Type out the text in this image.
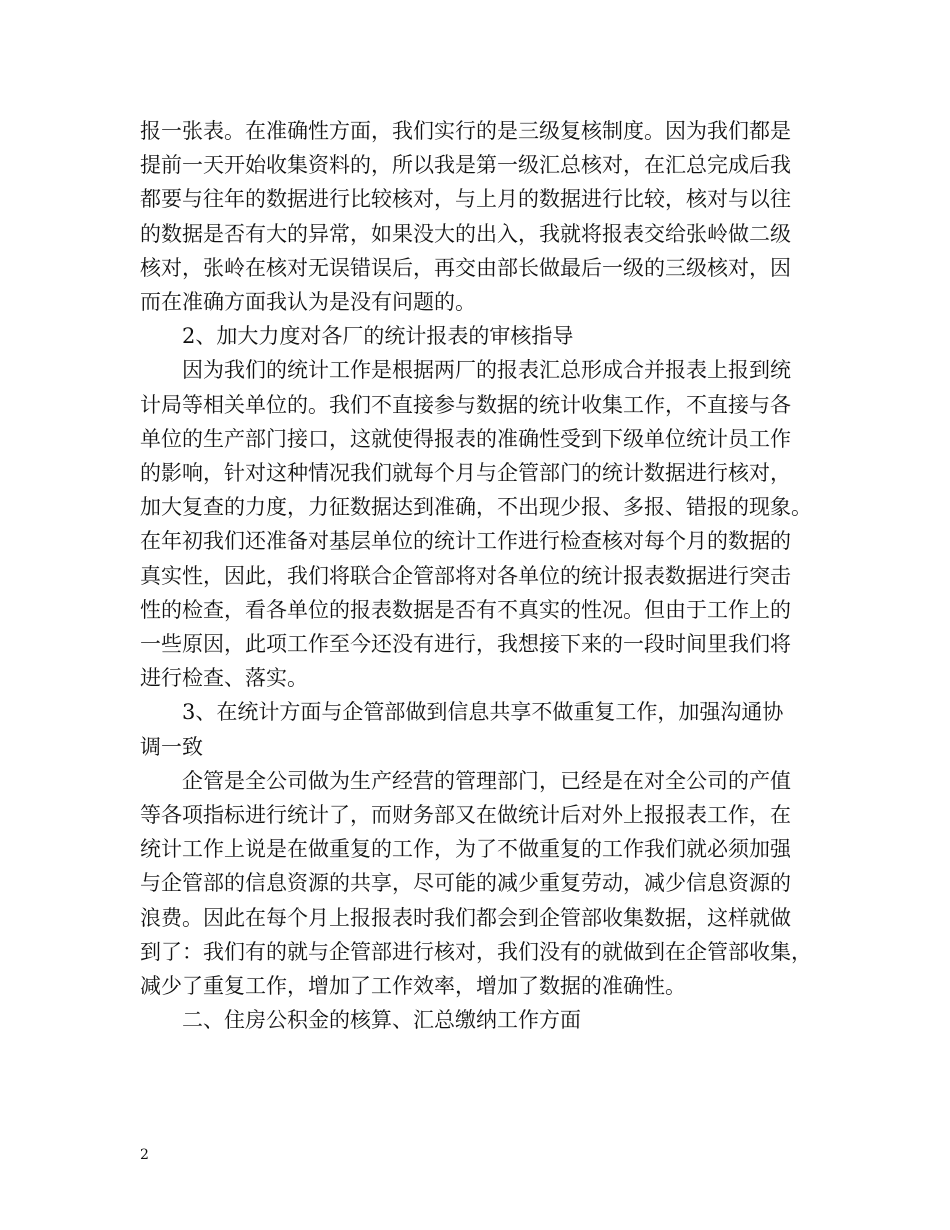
报一张表。在准确性方面，我们实行的是三级复核制度。因为我们都是
提前一天开始收集资料的，所以我是第一级汇总核对，在汇总完成后我
都要与往年的数据进行比较核对，与上月的数据进行比较，核对与以往
的数据是否有大的异常，如果没大的出入，我就将报表交给张岭做二级
核对，张岭在核对无误错误后，再交由部长做最后一级的三级核对，因
而在准确方面我认为是没有问题的。

2、加大力度对各厂的统计报表的审核指导

因为我们的统计工作是根据两厂的报表汇总形成合并报表上报到统
计局等相关单位的。我们不直接参与数据的统计收集工作，不直接与各
单位的生产部门接口，这就使得报表的准确性受到下级单位统计员工作
的影响，针对这种情况我们就每个月与企管部门的统计数据进行核对，
加大复查的力度，力征数据达到准确，不出现少报、多报、错报的现象。
在年初我们还准备对基层单位的统计工作进行检查核对每个月的数据的
真实性，因此，我们将联合企管部将对各单位的统计报表数据进行突击
性的检查，看各单位的报表数据是否有不真实的性况。但由于工作上的
一些原因，此项工作至今还没有进行，我想接下来的一段时间里我们将
进行检查、落实。

3、在统计方面与企管部做到信息共享不做重复工作，加强沟通协
调一致

企管是全公司做为生产经营的管理部门，已经是在对全公司的产值
等各项指标进行统计了，而财务部又在做统计后对外上报报表工作，在
统计工作上说是在做重复的工作，为了不做重复的工作我们就必须加强
与企管部的信息资源的共享，尽可能的减少重复劳动，减少信息资源的
浪费。因此在每个月上报报表时我们都会到企管部收集数据，这样就做
到了：我们有的就与企管部进行核对，我们没有的就做到在企管部收集，
减少了重复工作，增加了工作效率，增加了数据的准确性。

二、住房公积金的核算、汇总缴纳工作方面

2
